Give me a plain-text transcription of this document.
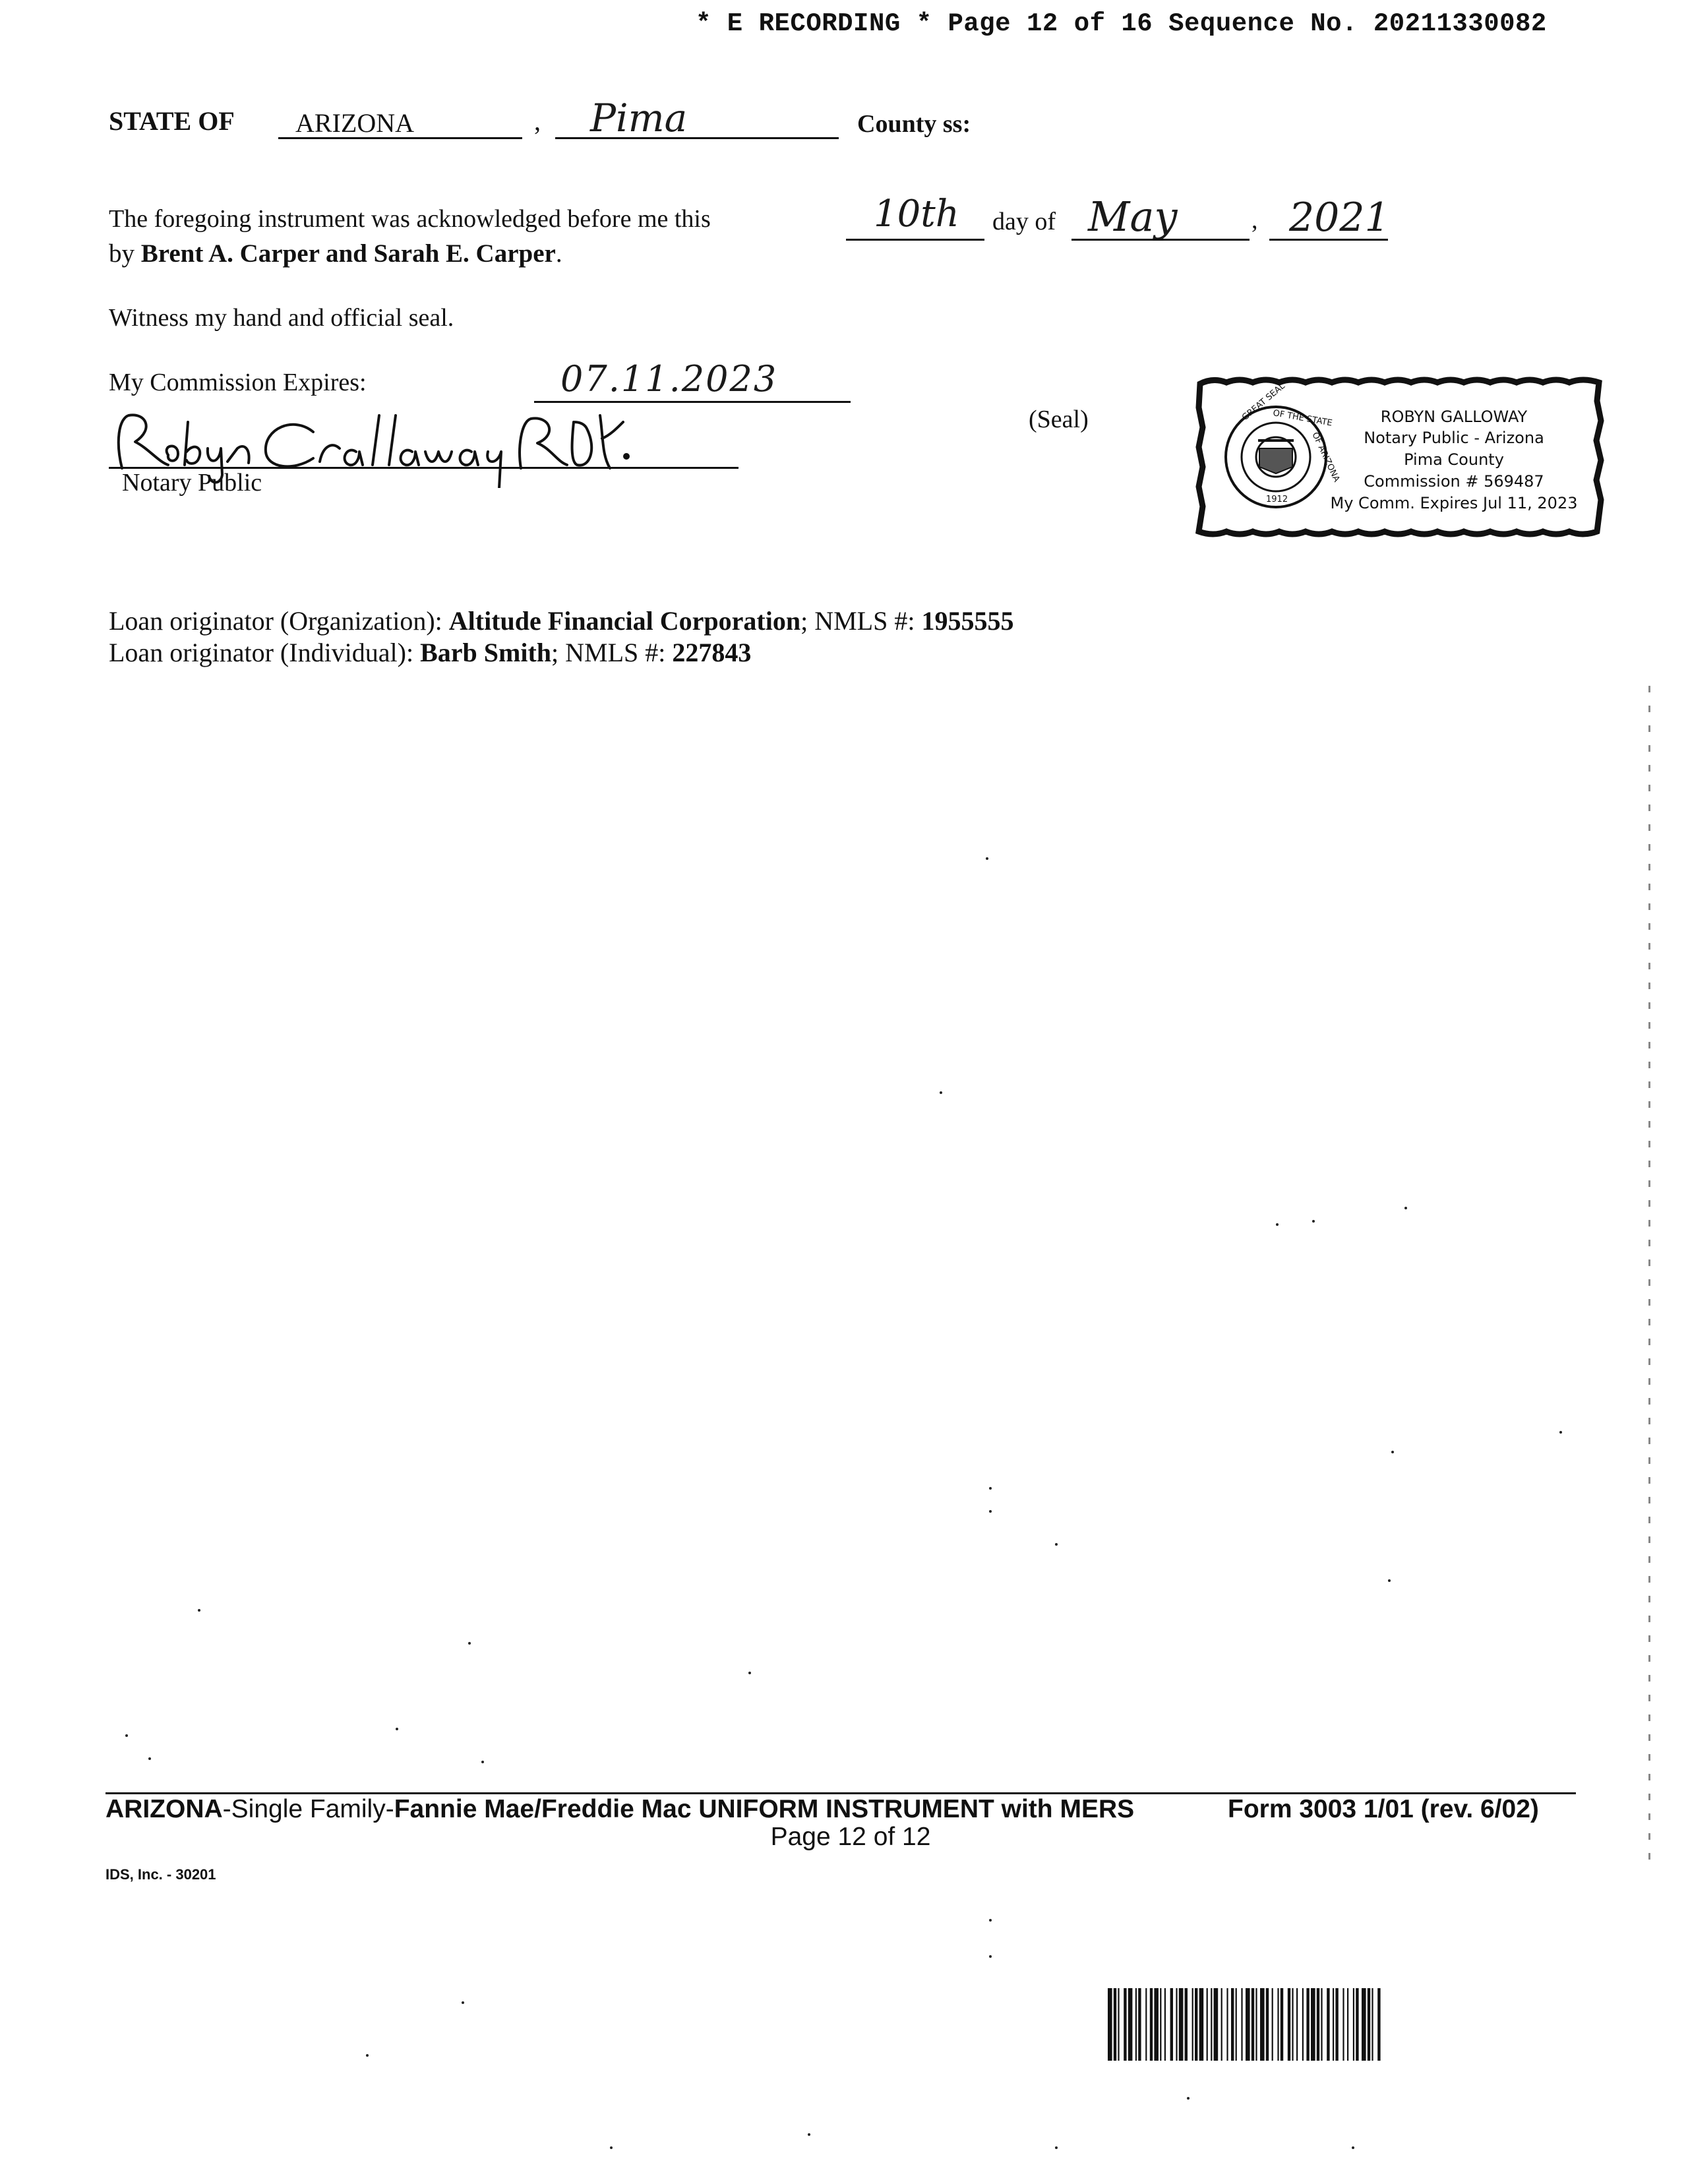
* E RECORDING * Page 12 of 16 Sequence No. 20211330082
STATE OF ARIZONA	, Pima	County ss:
The foregoing instrument was acknowledged before me this
by Brent A. Carper and Sarah E. Carper.
10th day of May	, 2021
Witness my hand and official seal.
My Commission Expires:	07.11.2023
Notary Public
(Seal)	GREAT SEAL
OF THE STATE
OF ARIZONA
1912
ROBYN GALLOWAY
Notary Public - Arizona
Pima County
Commission # 569487
My Comm. Expires Jul 11, 2023
Loan originator (Organization): Altitude Financial Corporation; NMLS #: 1955555
Loan originator (Individual): Barb Smith; NMLS #: 227843
ARIZONA-Single Family-Fannie Mae/Freddie Mac UNIFORM INSTRUMENT with MERS	Form 3003 1/01 (rev. 6/02)
Page 12 of 12
IDS, Inc. - 30201
